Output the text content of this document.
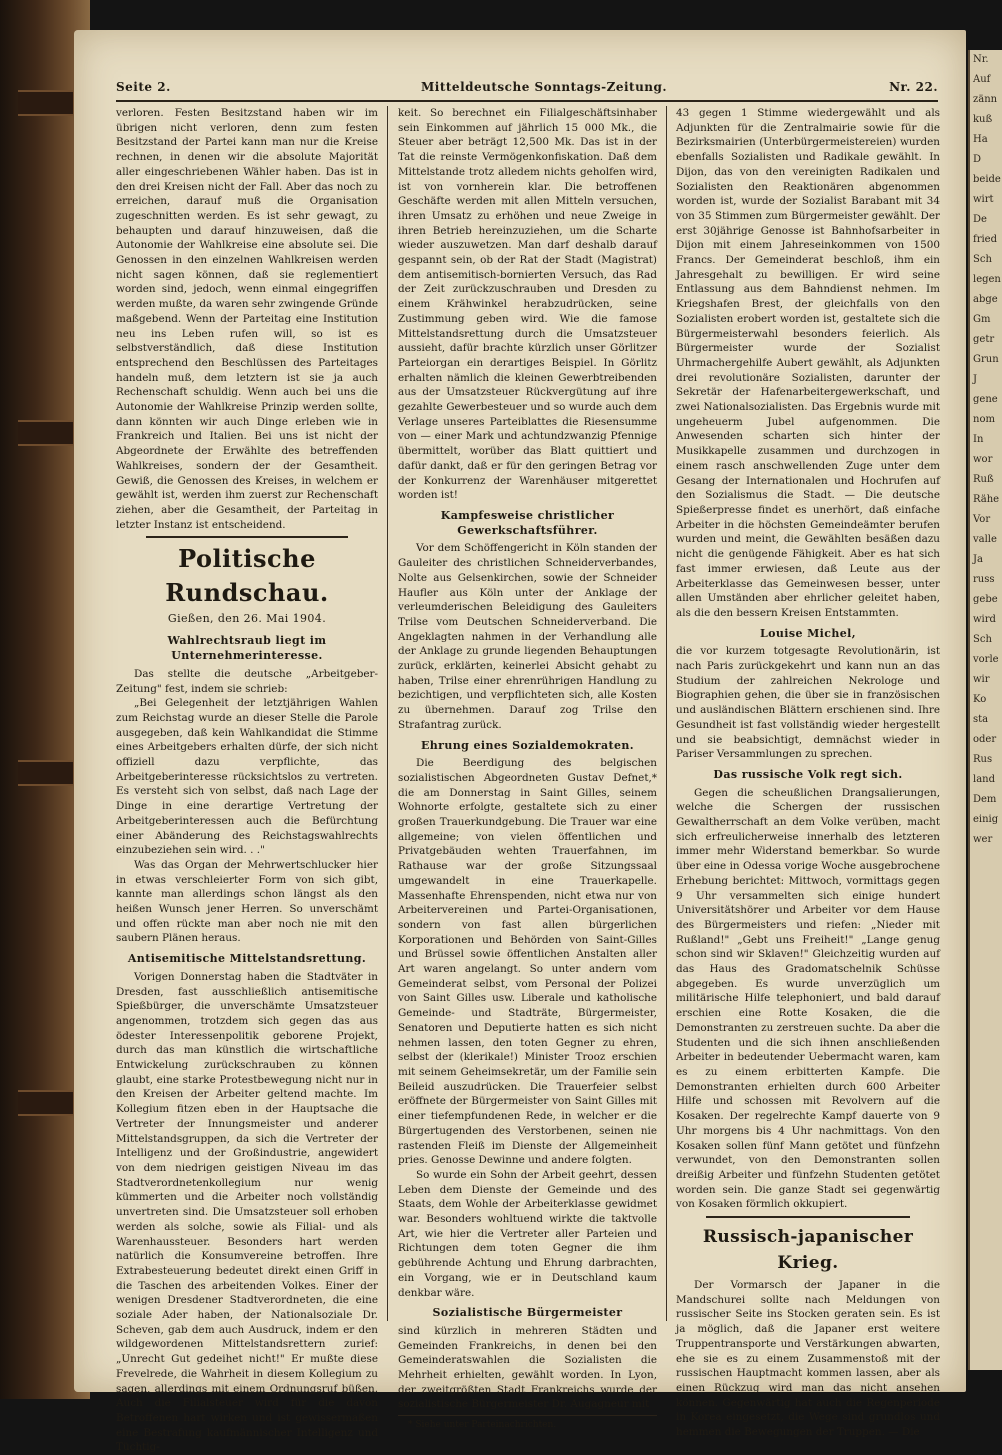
Nr.
Auf
zänn
kuß
Ha
D
beide
wirt
De
fried
Sch
legen
abge
Gm
getr
Grun
J
gene
nom
In
wor
Ruß
Rähe
Vor
valle
Ja
russ
gebe
wird
Sch
vorle
wir
Ko
sta
oder
Rus
land
Dem
einig
wer
Seite 2.	Mitteldeutsche Sonntags-Zeitung.	Nr. 22.

verloren. Festen Besitzstand haben wir im übrigen nicht verloren, denn zum festen Besitzstand der Partei kann man nur die Kreise rechnen, in denen wir die absolute Majorität aller eingeschriebenen Wähler haben. Das ist in den drei Kreisen nicht der Fall. Aber das noch zu erreichen, darauf muß die Organisation zugeschnitten werden. Es ist sehr gewagt, zu behaupten und darauf hinzuweisen, daß die Autonomie der Wahlkreise eine absolute sei. Die Genossen in den einzelnen Wahlkreisen werden nicht sagen können, daß sie reglementiert worden sind, jedoch, wenn einmal eingegriffen werden mußte, da waren sehr zwingende Gründe maßgebend. Wenn der Parteitag eine Institution neu ins Leben rufen will, so ist es selbstverständlich, daß diese Institution entsprechend den Beschlüssen des Parteitages handeln muß, dem letztern ist sie ja auch Rechenschaft schuldig. Wenn auch bei uns die Autonomie der Wahlkreise Prinzip werden sollte, dann könnten wir auch Dinge erleben wie in Frankreich und Italien. Bei uns ist nicht der Abgeordnete der Erwählte des betreffenden Wahlkreises, sondern der der Gesamtheit. Gewiß, die Genossen des Kreises, in welchem er gewählt ist, werden ihm zuerst zur Rechenschaft ziehen, aber die Gesamtheit, der Parteitag in letzter Instanz ist entscheidend.

Politische Rundschau.
Gießen, den 26. Mai 1904.
Wahlrechtsraub liegt im Unternehmerinteresse.

Das stellte die deutsche „Arbeitgeber-Zeitung" fest, indem sie schrieb:

„Bei Gelegenheit der letztjährigen Wahlen zum Reichstag wurde an dieser Stelle die Parole ausgegeben, daß kein Wahlkandidat die Stimme eines Arbeitgebers erhalten dürfe, der sich nicht offiziell dazu verpflichte, das Arbeitgeberinteresse rücksichtslos zu vertreten. Es versteht sich von selbst, daß nach Lage der Dinge in eine derartige Vertretung der Arbeitgeberinteressen auch die Befürchtung einer Abänderung des Reichstagswahlrechts einzubeziehen sein wird. . ."

Was das Organ der Mehrwertschlucker hier in etwas verschleierter Form von sich gibt, kannte man allerdings schon längst als den heißen Wunsch jener Herren. So unverschämt und offen rückte man aber noch nie mit den saubern Plänen heraus.

Antisemitische Mittelstandsrettung.

Vorigen Donnerstag haben die Stadtväter in Dresden, fast ausschließlich antisemitische Spießbürger, die unverschämte Umsatzsteuer angenommen, trotzdem sich gegen das aus ödester Interessenpolitik geborene Projekt, durch das man künstlich die wirtschaftliche Entwickelung zurückschrauben zu können glaubt, eine starke Protestbewegung nicht nur in den Kreisen der Arbeiter geltend machte. Im Kollegium fitzen eben in der Hauptsache die Vertreter der Innungsmeister und anderer Mittelstandsgruppen, da sich die Vertreter der Intelligenz und der Großindustrie, angewidert von dem niedrigen geistigen Niveau im das Stadtverordnetenkollegium nur wenig kümmerten und die Arbeiter noch vollständig unvertreten sind. Die Umsatzsteuer soll erhoben werden als solche, sowie als Filial- und als Warenhaussteuer. Besonders hart werden natürlich die Konsumvereine betroffen. Ihre Extrabesteuerung bedeutet direkt einen Griff in die Taschen des arbeitenden Volkes. Einer der wenigen Dresdener Stadtverordneten, die eine soziale Ader haben, der Nationalsoziale Dr. Scheven, gab dem auch Ausdruck, indem er den wildgewordenen Mittelstandsrettern zurief: „Unrecht Gut gedeihet nicht!" Er mußte diese Frevelrede, die Wahrheit in diesem Kollegium zu sagen, allerdings mit einem Ordnungsruf büßen. Auch die Filialsteuer wird für die davon Betroffenen hart wirken und ist gewissermaßen eine Bestrafung kaufmännischer Intelligenz und Tüchtig-

keit. So berechnet ein Filialgeschäftsinhaber sein Einkommen auf jährlich 15 000 Mk., die Steuer aber beträgt 12,500 Mk. Das ist in der Tat die reinste Vermögenkonfiskation. Daß dem Mittelstande trotz alledem nichts geholfen wird, ist von vornherein klar. Die betroffenen Geschäfte werden mit allen Mitteln versuchen, ihren Umsatz zu erhöhen und neue Zweige in ihren Betrieb hereinzuziehen, um die Scharte wieder auszuwetzen. Man darf deshalb darauf gespannt sein, ob der Rat der Stadt (Magistrat) dem antisemitisch-bornierten Versuch, das Rad der Zeit zurückzuschrauben und Dresden zu einem Krähwinkel herabzudrücken, seine Zustimmung geben wird. Wie die famose Mittelstandsrettung durch die Umsatzsteuer aussieht, dafür brachte kürzlich unser Görlitzer Parteiorgan ein derartiges Beispiel. In Görlitz erhalten nämlich die kleinen Gewerbtreibenden aus der Umsatzsteuer Rückvergütung auf ihre gezahlte Gewerbesteuer und so wurde auch dem Verlage unseres Parteiblattes die Riesensumme von — einer Mark und achtundzwanzig Pfennige übermittelt, worüber das Blatt quittiert und dafür dankt, daß er für den geringen Betrag vor der Konkurrenz der Warenhäuser mitgerettet worden ist!

Kampfesweise christlicher Gewerkschaftsführer.

Vor dem Schöffengericht in Köln standen der Gauleiter des christlichen Schneiderverbandes, Nolte aus Gelsenkirchen, sowie der Schneider Haufler aus Köln unter der Anklage der verleumderischen Beleidigung des Gauleiters Trilse vom Deutschen Schneiderverband. Die Angeklagten nahmen in der Verhandlung alle der Anklage zu grunde liegenden Behauptungen zurück, erklärten, keinerlei Absicht gehabt zu haben, Trilse einer ehrenrührigen Handlung zu bezichtigen, und verpflichteten sich, alle Kosten zu übernehmen. Darauf zog Trilse den Strafantrag zurück.

Ehrung eines Sozialdemokraten.

Die Beerdigung des belgischen sozialistischen Abgeordneten Gustav Defnet,* die am Donnerstag in Saint Gilles, seinem Wohnorte erfolgte, gestaltete sich zu einer großen Trauerkundgebung. Die Trauer war eine allgemeine; von vielen öffentlichen und Privatgebäuden wehten Trauerfahnen, im Rathause war der große Sitzungssaal umgewandelt in eine Trauerkapelle. Massenhafte Ehrenspenden, nicht etwa nur von Arbeitervereinen und Partei-Organisationen, sondern von fast allen bürgerlichen Korporationen und Behörden von Saint-Gilles und Brüssel sowie öffentlichen Anstalten aller Art waren angelangt. So unter andern vom Gemeinderat selbst, vom Personal der Polizei von Saint Gilles usw. Liberale und katholische Gemeinde- und Stadträte, Bürgermeister, Senatoren und Deputierte hatten es sich nicht nehmen lassen, den toten Gegner zu ehren, selbst der (klerikale!) Minister Trooz erschien mit seinem Geheimsekretär, um der Familie sein Beileid auszudrücken. Die Trauerfeier selbst eröffnete der Bürgermeister von Saint Gilles mit einer tiefempfundenen Rede, in welcher er die Bürgertugenden des Verstorbenen, seinen nie rastenden Fleiß im Dienste der Allgemeinheit pries. Genosse Dewinne und andere folgten.

So wurde ein Sohn der Arbeit geehrt, dessen Leben dem Dienste der Gemeinde und des Staats, dem Wohle der Arbeiterklasse gewidmet war. Besonders wohltuend wirkte die taktvolle Art, wie hier die Vertreter aller Parteien und Richtungen dem toten Gegner die ihm gebührende Achtung und Ehrung darbrachten, ein Vorgang, wie er in Deutschland kaum denkbar wäre.

Sozialistische Bürgermeister

sind kürzlich in mehreren Städten und Gemeinden Frankreichs, in denen bei den Gemeinderatswahlen die Sozialisten die Mehrheit erhielten, gewählt worden. In Lyon, der zweitgrößten Stadt Frankreichs wurde der sozialistische Bürgermeister Dr. Augagneur mit

* Siehe unter Parteinachrichten.

43 gegen 1 Stimme wiedergewählt und als Adjunkten für die Zentralmairie sowie für die Bezirksmairien (Unterbürgermeistereien) wurden ebenfalls Sozialisten und Radikale gewählt. In Dijon, das von den vereinigten Radikalen und Sozialisten den Reaktionären abgenommen worden ist, wurde der Sozialist Barabant mit 34 von 35 Stimmen zum Bürgermeister gewählt. Der erst 30jährige Genosse ist Bahnhofsarbeiter in Dijon mit einem Jahreseinkommen von 1500 Francs. Der Gemeinderat beschloß, ihm ein Jahresgehalt zu bewilligen. Er wird seine Entlassung aus dem Bahndienst nehmen. Im Kriegshafen Brest, der gleichfalls von den Sozialisten erobert worden ist, gestaltete sich die Bürgermeisterwahl besonders feierlich. Als Bürgermeister wurde der Sozialist Uhrmachergehilfe Aubert gewählt, als Adjunkten drei revolutionäre Sozialisten, darunter der Sekretär der Hafenarbeitergewerkschaft, und zwei Nationalsozialisten. Das Ergebnis wurde mit ungeheuerm Jubel aufgenommen. Die Anwesenden scharten sich hinter der Musikkapelle zusammen und durchzogen in einem rasch anschwellenden Zuge unter dem Gesang der Internationalen und Hochrufen auf den Sozialismus die Stadt. — Die deutsche Spießerpresse findet es unerhört, daß einfache Arbeiter in die höchsten Gemeindeämter berufen wurden und meint, die Gewählten besäßen dazu nicht die genügende Fähigkeit. Aber es hat sich fast immer erwiesen, daß Leute aus der Arbeiterklasse das Gemeinwesen besser, unter allen Umständen aber ehrlicher geleitet haben, als die den bessern Kreisen Entstammten.

Louise Michel,

die vor kurzem totgesagte Revolutionärin, ist nach Paris zurückgekehrt und kann nun an das Studium der zahlreichen Nekrologe und Biographien gehen, die über sie in französischen und ausländischen Blättern erschienen sind. Ihre Gesundheit ist fast vollständig wieder hergestellt und sie beabsichtigt, demnächst wieder in Pariser Versammlungen zu sprechen.

Das russische Volk regt sich.

Gegen die scheußlichen Drangsalierungen, welche die Schergen der russischen Gewaltherrschaft an dem Volke verüben, macht sich erfreulicherweise innerhalb des letzteren immer mehr Widerstand bemerkbar. So wurde über eine in Odessa vorige Woche ausgebrochene Erhebung berichtet: Mittwoch, vormittags gegen 9 Uhr versammelten sich einige hundert Universitätshörer und Arbeiter vor dem Hause des Bürgermeisters und riefen: „Nieder mit Rußland!" „Gebt uns Freiheit!" „Lange genug schon sind wir Sklaven!" Gleichzeitig wurden auf das Haus des Gradomatschelnik Schüsse abgegeben. Es wurde unverzüglich um militärische Hilfe telephoniert, und bald darauf erschien eine Rotte Kosaken, die die Demonstranten zu zerstreuen suchte. Da aber die Studenten und die sich ihnen anschließenden Arbeiter in bedeutender Uebermacht waren, kam es zu einem erbitterten Kampfe. Die Demonstranten erhielten durch 600 Arbeiter Hilfe und schossen mit Revolvern auf die Kosaken. Der regelrechte Kampf dauerte von 9 Uhr morgens bis 4 Uhr nachmittags. Von den Kosaken sollen fünf Mann getötet und fünfzehn verwundet, von den Demonstranten sollen dreißig Arbeiter und fünfzehn Studenten getötet worden sein. Die ganze Stadt sei gegenwärtig von Kosaken förmlich okkupiert.

Russisch-japanischer Krieg.

Der Vormarsch der Japaner in die Mandschurei sollte nach Meldungen von russischer Seite ins Stocken geraten sein. Es ist ja möglich, daß die Japaner erst weitere Truppentransporte und Verstärkungen abwarten, ehe sie es zu einem Zusammenstoß mit der russischen Hauptmacht kommen lassen, aber als einen Rückzug wird man das nicht ansehen können. Gegenwärtig hat auch die Regenperiode in Korea eingesetzt, die Wege sind grundlos und hemmen die Bewegungen der Truppen. — Die
